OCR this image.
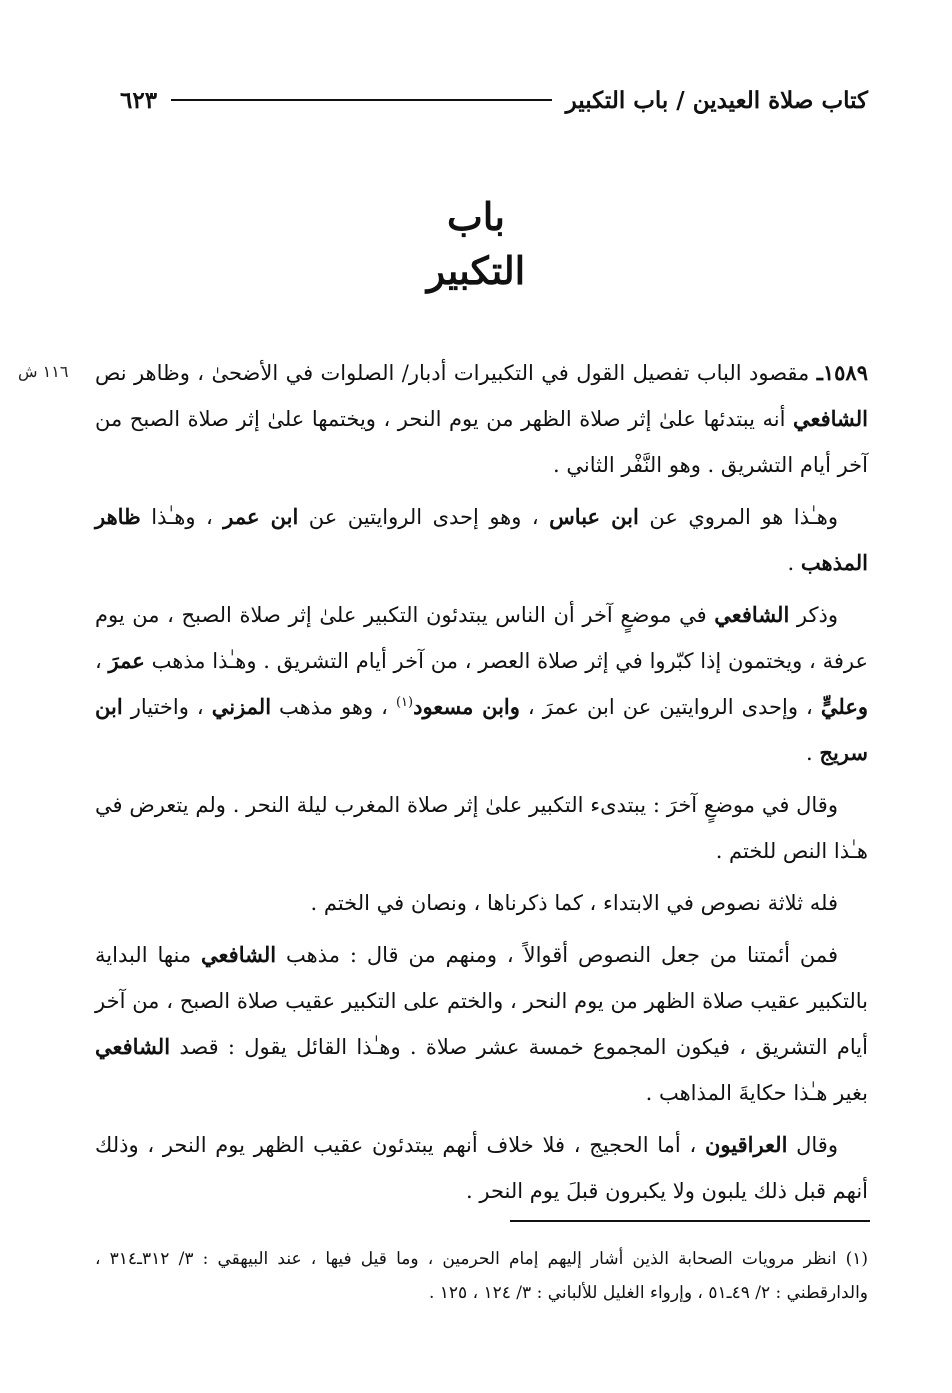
كتاب صلاة العيدين / باب التكبير
٦٢٣
١١٦ ش
باب
التكبير

١٥٨٩ـ مقصود الباب تفصيل القول في التكبيرات أدبار/ الصلوات في الأضحىٰ ، وظاهر نص الشافعي أنه يبتدئها علىٰ إثر صلاة الظهر من يوم النحر ، ويختمها علىٰ إثر صلاة الصبح من آخر أيام التشريق . وهو النَّفْر الثاني .

وهـٰذا هو المروي عن ابن عباس ، وهو إحدى الروايتين عن ابن عمر ، وهـٰذا ظاهر المذهب .

وذكر الشافعي في موضعٍ آخر أن الناس يبتدئون التكبير علىٰ إثر صلاة الصبح ، من يوم عرفة ، ويختمون إذا كبّروا في إثر صلاة العصر ، من آخر أيام التشريق . وهـٰذا مذهب عمرَ ، وعليٍّ ، وإحدى الروايتين عن ابن عمرَ ، وابن مسعود$^{(١)}$ ، وهو مذهب المزني ، واختيار ابن سريج .

وقال في موضعٍ آخرَ : يبتدىء التكبير علىٰ إثر صلاة المغرب ليلة النحر . ولم يتعرض في هـٰذا النص للختم .

فله ثلاثة نصوص في الابتداء ، كما ذكرناها ، ونصان في الختم .

فمن أئمتنا من جعل النصوص أقوالاً ، ومنهم من قال : مذهب الشافعي منها البداية بالتكبير عقيب صلاة الظهر من يوم النحر ، والختم على التكبير عقيب صلاة الصبح ، من آخر أيام التشريق ، فيكون المجموع خمسة عشر صلاة . وهـٰذا القائل يقول : قصد الشافعي بغير هـٰذا حكايةَ المذاهب .

وقال العراقيون ، أما الحجيج ، فلا خلاف أنهم يبتدئون عقيب الظهر يوم النحر ، وذلك أنهم قبل ذلك يلبون ولا يكبرون قبلَ يوم النحر .

(١) انظر مرويات الصحابة الذين أشار إليهم إمام الحرمين ، وما قيل فيها ، عند البيهقي : ٣/ ٣١٢ـ٣١٤ ، والدارقطني : ٢/ ٤٩ـ٥١ ، وإرواء الغليل للألباني : ٣/ ١٢٤ ، ١٢٥ .
